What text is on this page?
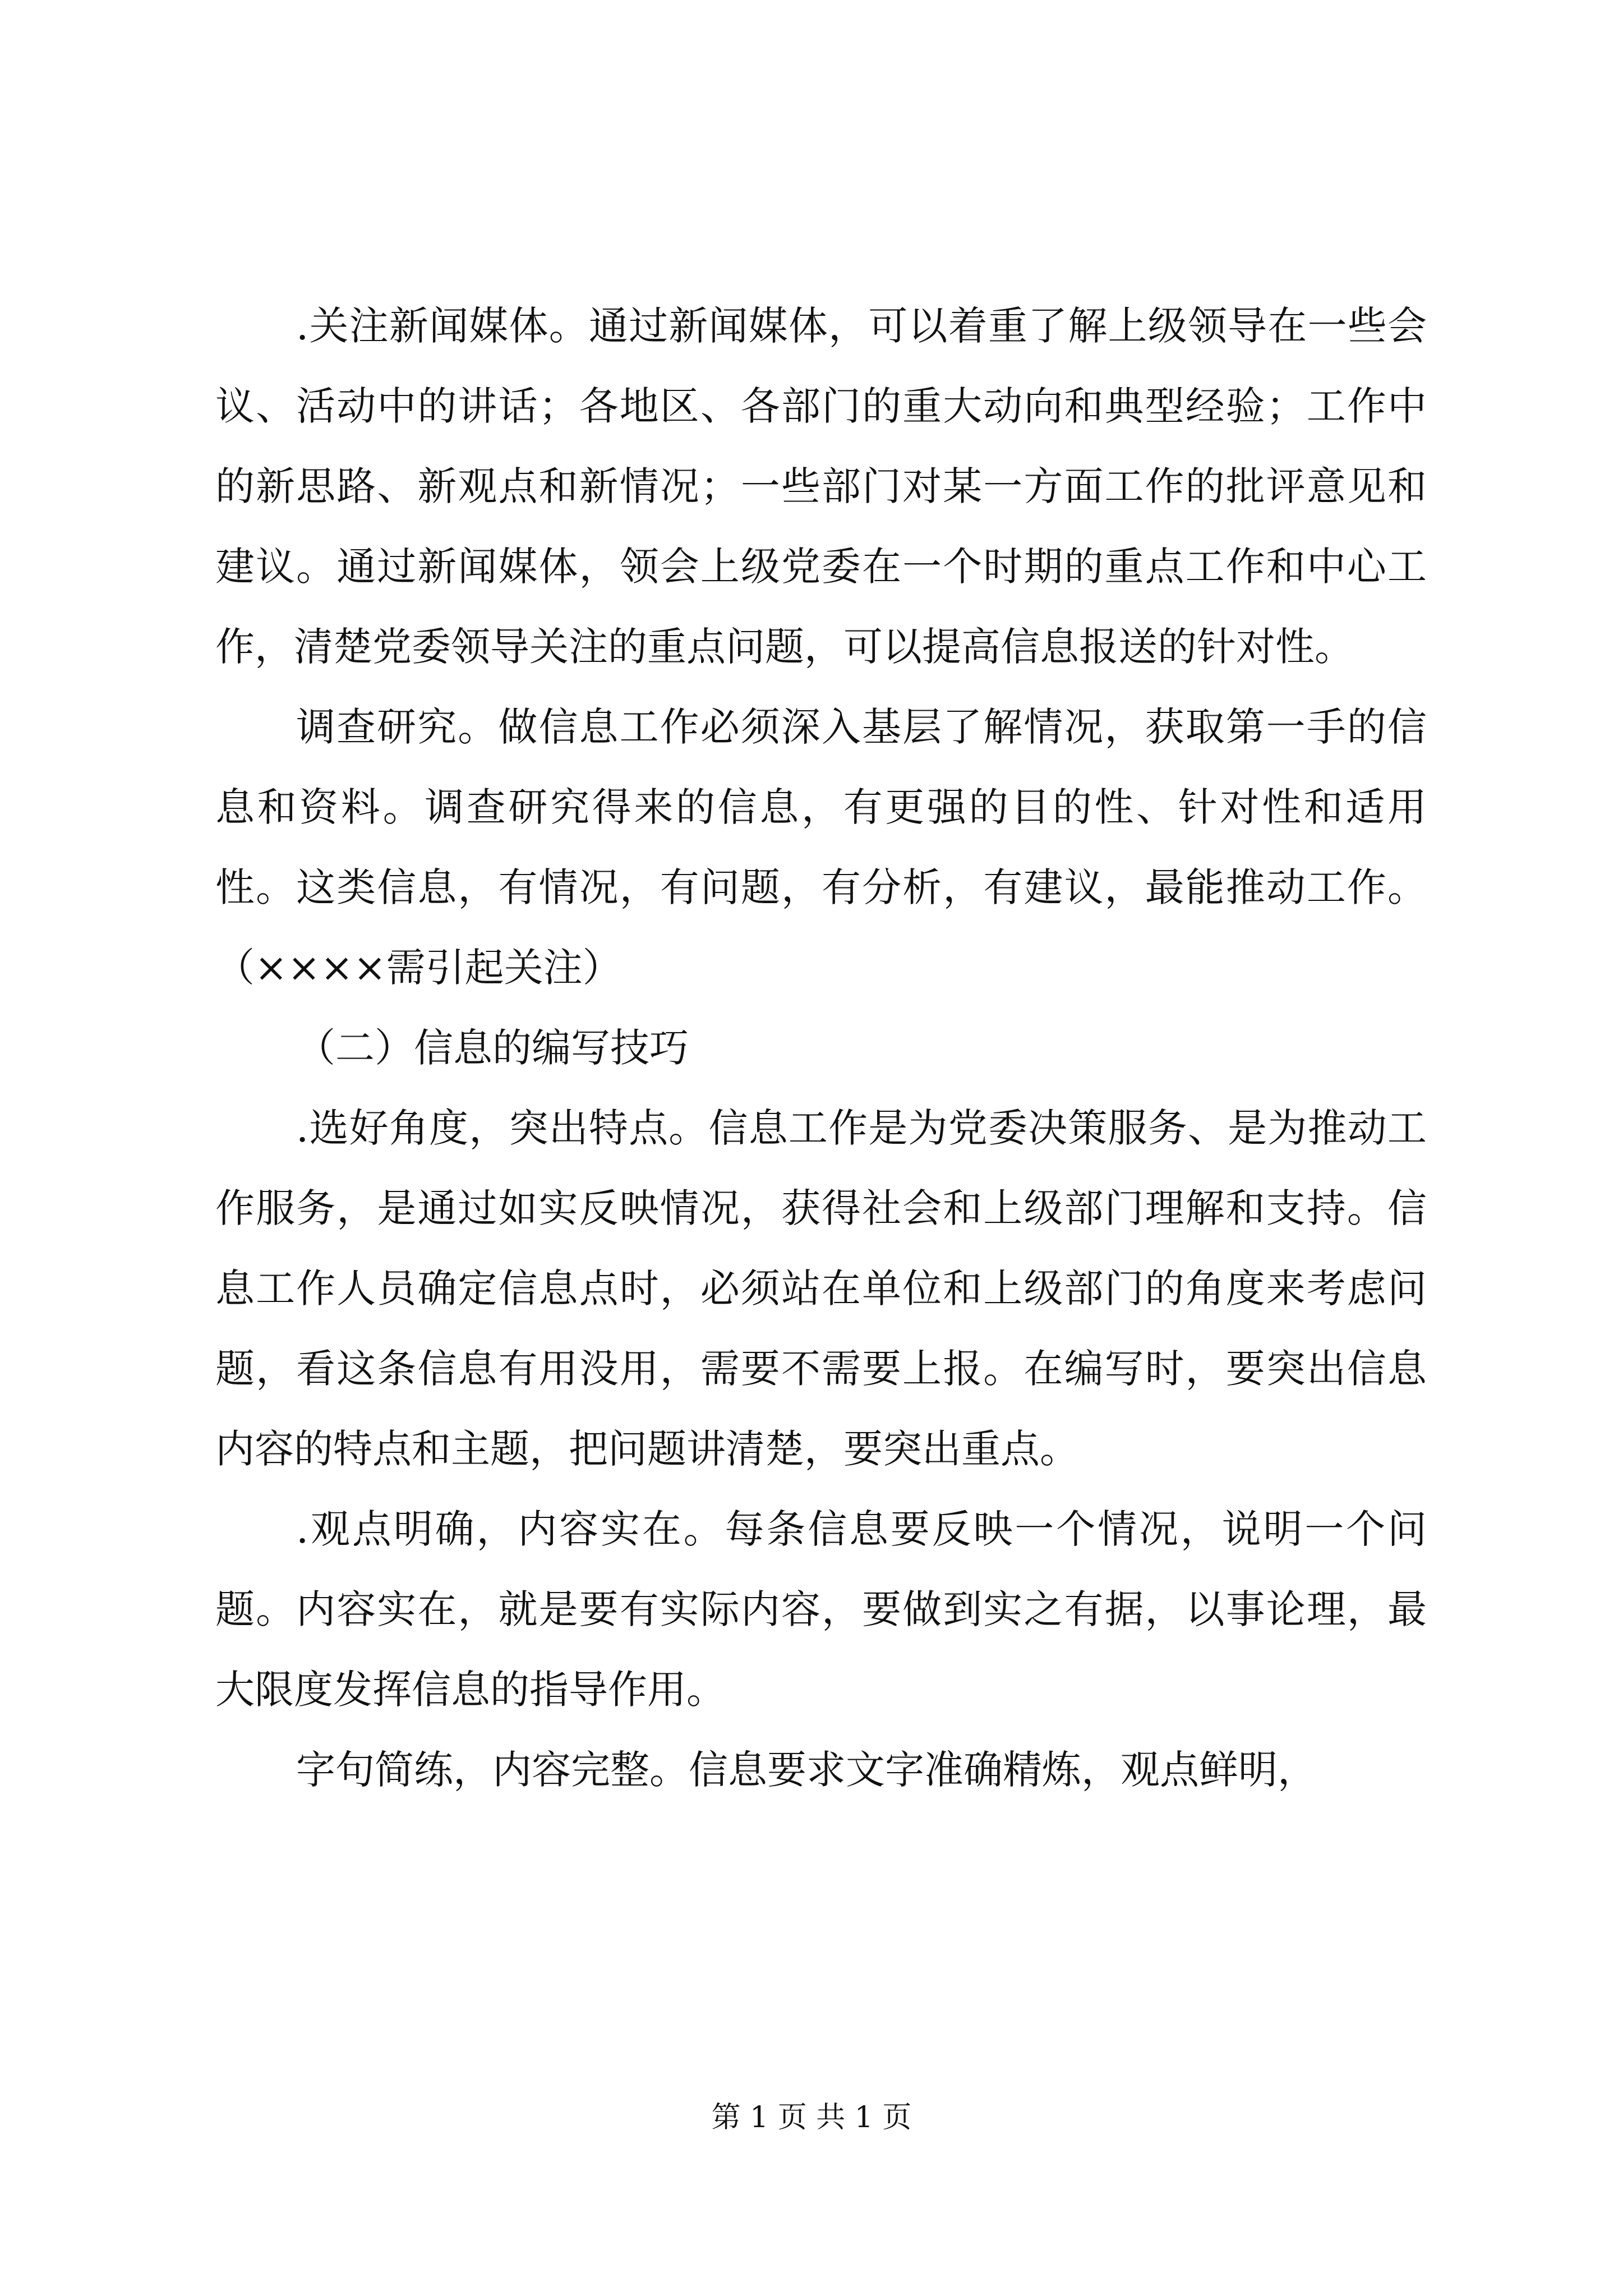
.关注新闻媒体。通过新闻媒体，可以着重了解上级领导在一些会议、活动中的讲话；各地区、各部门的重大动向和典型经验；工作中的新思路、新观点和新情况；一些部门对某一方面工作的批评意见和建议。通过新闻媒体，领会上级党委在一个时期的重点工作和中心工作，清楚党委领导关注的重点问题，可以提高信息报送的针对性。

调查研究。做信息工作必须深入基层了解情况，获取第一手的信息和资料。调查研究得来的信息，有更强的目的性、针对性和适用性。这类信息，有情况，有问题，有分析，有建议，最能推动工作。（××××需引起关注）

（二）信息的编写技巧

.选好角度，突出特点。信息工作是为党委决策服务、是为推动工作服务，是通过如实反映情况，获得社会和上级部门理解和支持。信息工作人员确定信息点时，必须站在单位和上级部门的角度来考虑问题，看这条信息有用没用，需要不需要上报。在编写时，要突出信息内容的特点和主题，把问题讲清楚，要突出重点。

.观点明确，内容实在。每条信息要反映一个情况，说明一个问题。内容实在，就是要有实际内容，要做到实之有据，以事论理，最大限度发挥信息的指导作用。

字句简练，内容完整。信息要求文字准确精炼，观点鲜明，

第 1 页 共 1 页
